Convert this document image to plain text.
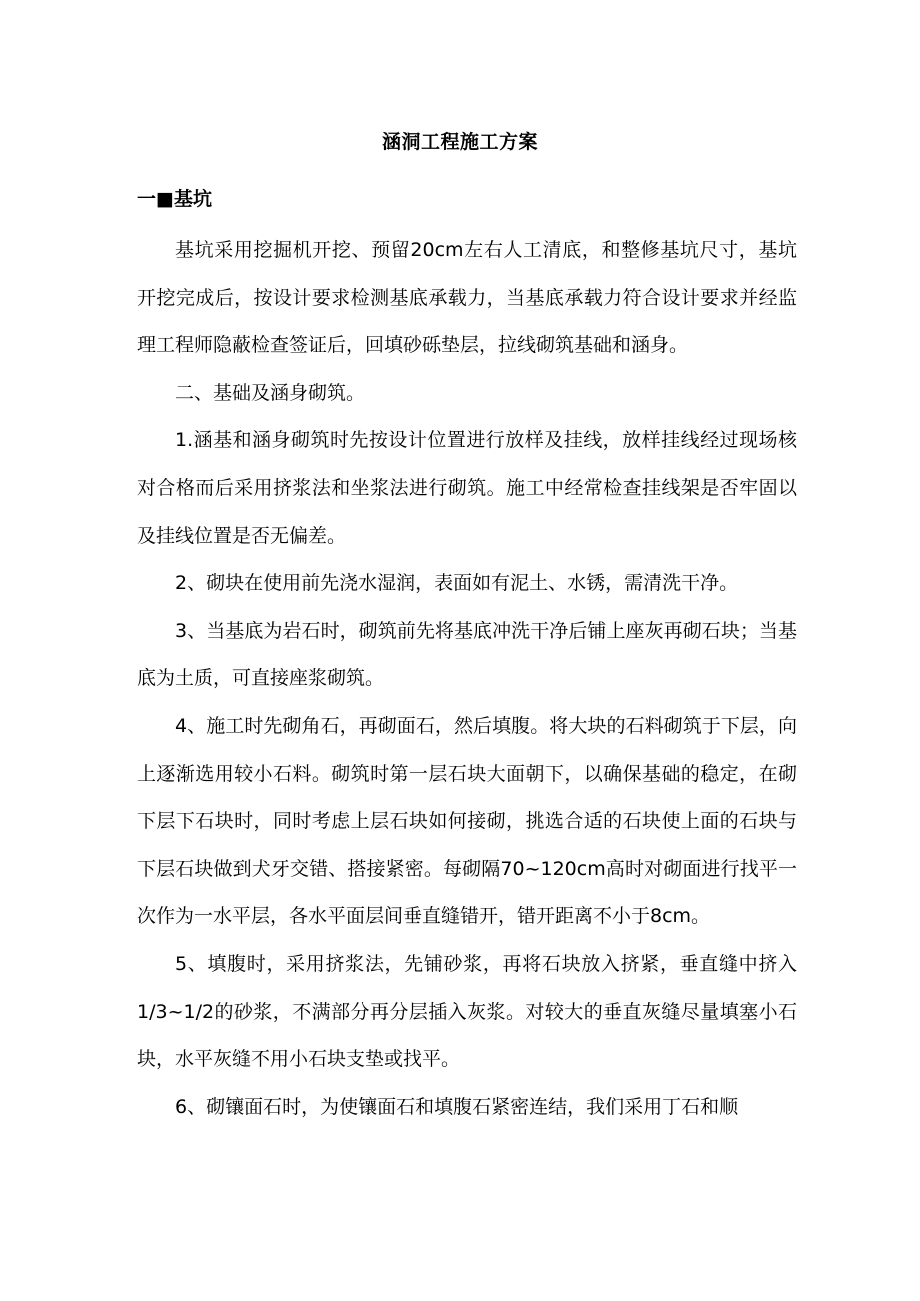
涵洞工程施工方案
一■基坑

基坑采用挖掘机开挖、预留20cm左右人工清底，和整修基坑尺寸，基坑开挖完成后，按设计要求检测基底承载力，当基底承载力符合设计要求并经监理工程师隐蔽检查签证后，回填砂砾垫层，拉线砌筑基础和涵身。

二、基础及涵身砌筑。

1.涵基和涵身砌筑时先按设计位置进行放样及挂线，放样挂线经过现场核对合格而后采用挤浆法和坐浆法进行砌筑。施工中经常检查挂线架是否牢固以及挂线位置是否无偏差。

2、砌块在使用前先浇水湿润，表面如有泥土、水锈，需清洗干净。

3、当基底为岩石时，砌筑前先将基底冲洗干净后铺上座灰再砌石块；当基底为土质，可直接座浆砌筑。

4、施工时先砌角石，再砌面石，然后填腹。将大块的石料砌筑于下层，向上逐渐选用较小石料。砌筑时第一层石块大面朝下，以确保基础的稳定，在砌下层下石块时，同时考虑上层石块如何接砌，挑选合适的石块使上面的石块与下层石块做到犬牙交错、搭接紧密。每砌隔70~120cm高时对砌面进行找平一次作为一水平层，各水平面层间垂直缝错开，错开距离不小于8cm。

5、填腹时，采用挤浆法，先铺砂浆，再将石块放入挤紧，垂直缝中挤入1/3~1/2的砂浆，不满部分再分层插入灰浆。对较大的垂直灰缝尽量填塞小石块，水平灰缝不用小石块支垫或找平。

6、砌镶面石时，为使镶面石和填腹石紧密连结，我们采用丁石和顺
